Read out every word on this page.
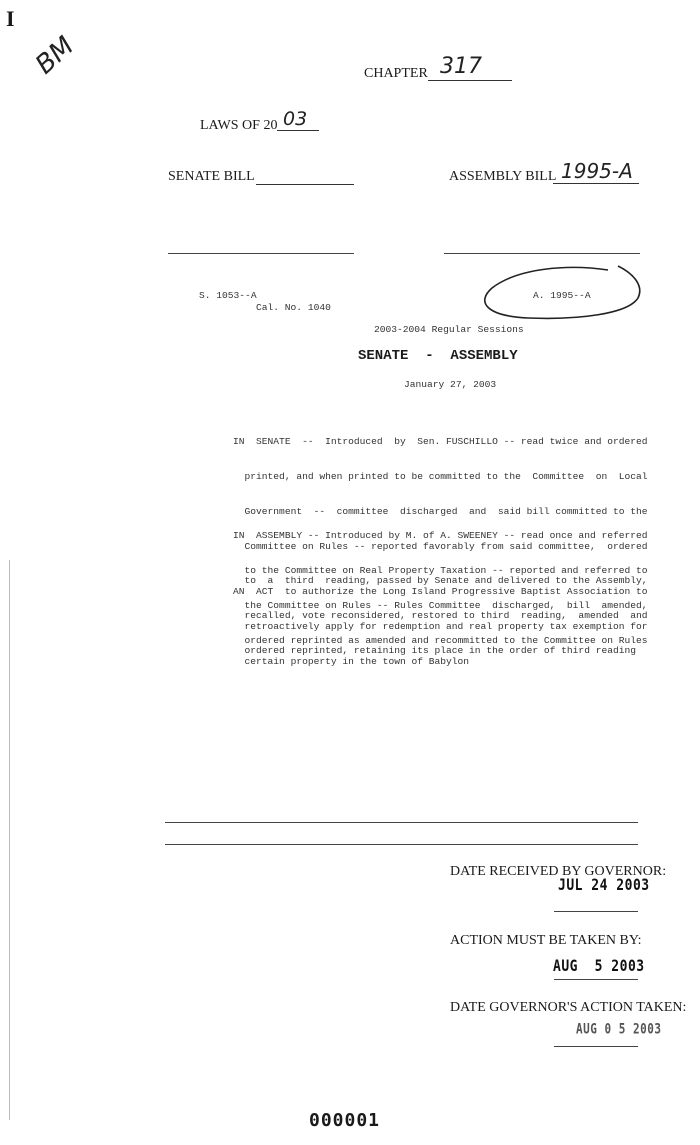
I
BM	CHAPTER 317
LAWS OF 20 03
SENATE BILL	ASSEMBLY BILL 1995-A
S. 1053--A
Cal. No. 1040
A. 1995--A
2003-2004 Regular Sessions
SENATE  -  ASSEMBLY
January 27, 2003

IN  SENATE  --  Introduced  by  Sen. FUSCHILLO -- read twice and ordered

printed, and when printed to be committed to the  Committee  on  Local

Government  --  committee  discharged  and  said bill committed to the

Committee on Rules -- reported favorably from said committee,  ordered

to  a  third  reading, passed by Senate and delivered to the Assembly,

recalled, vote reconsidered, restored to third  reading,  amended  and

ordered reprinted, retaining its place in the order of third reading

IN  ASSEMBLY -- Introduced by M. of A. SWEENEY -- read once and referred

to the Committee on Real Property Taxation -- reported and referred to

the Committee on Rules -- Rules Committee  discharged,  bill  amended,

ordered reprinted as amended and recommitted to the Committee on Rules

AN  ACT  to authorize the Long Island Progressive Baptist Association to

retroactively apply for redemption and real property tax exemption for

certain property in the town of Babylon

DATE RECEIVED BY GOVERNOR:
JUL 24 2003
ACTION MUST BE TAKEN BY:
AUG  5 2003
DATE GOVERNOR'S ACTION TAKEN:
AUG 0 5 2003
000001
